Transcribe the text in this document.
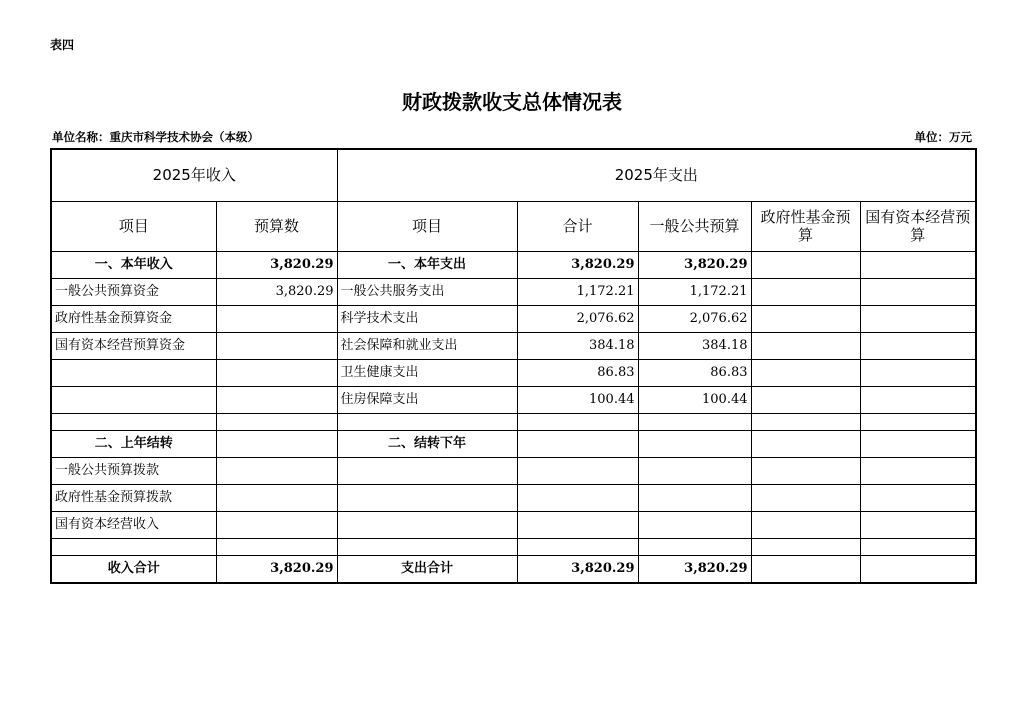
表四
财政拨款收支总体情况表
单位名称：重庆市科学技术协会（本级）	单位：万元
2025年收入		2025年支出				
项目	预算数	项目	合计	一般公共预算	政府性基金预算	国有资本经营预算
一、本年收入	3,820.29	一、本年支出	3,820.29	3,820.29		
一般公共预算资金	3,820.29	一般公共服务支出	1,172.21	1,172.21		
政府性基金预算资金		科学技术支出	2,076.62	2,076.62		
国有资本经营预算资金		社会保障和就业支出	384.18	384.18		
		卫生健康支出	86.83	86.83		
		住房保障支出	100.44	100.44		

二、上年结转		二、结转下年				
一般公共预算拨款						
政府性基金预算拨款						
国有资本经营收入						

收入合计	3,820.29	支出合计	3,820.29	3,820.29		
